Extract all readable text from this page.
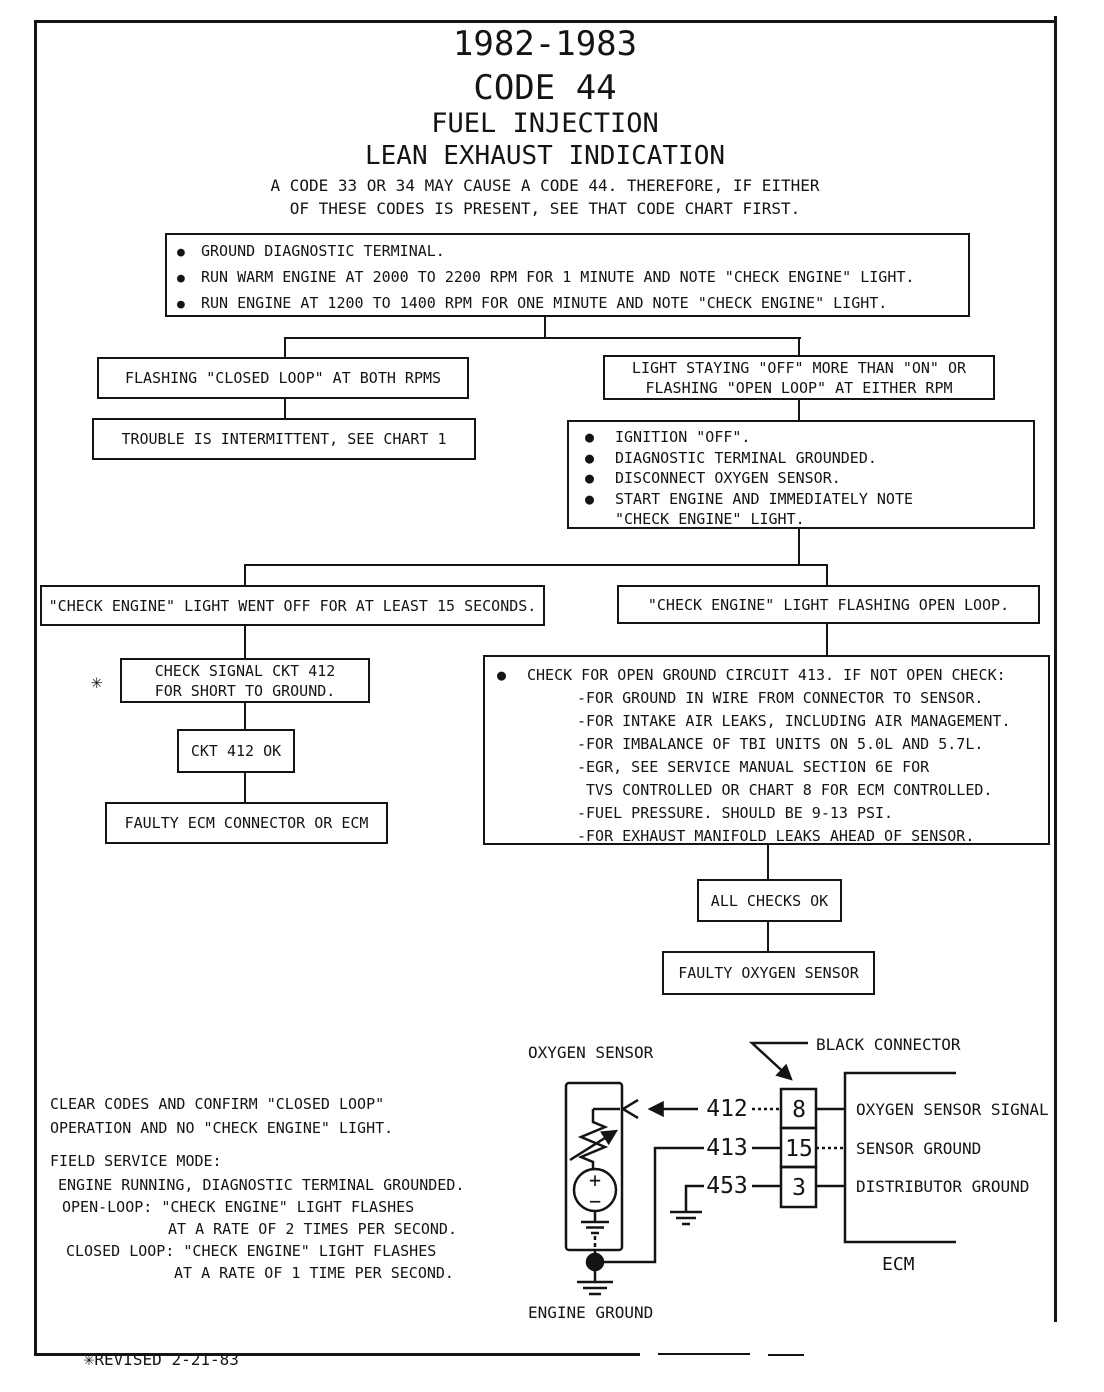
1982-1983
CODE 44
FUEL INJECTION
LEAN EXHAUST INDICATION
A CODE 33 OR 34 MAY CAUSE A CODE 44. THEREFORE, IF EITHER
OF THESE CODES IS PRESENT, SEE THAT CODE CHART FIRST.
●	GROUND DIAGNOSTIC TERMINAL.
●	RUN WARM ENGINE AT 2000 TO 2200 RPM FOR 1 MINUTE AND NOTE "CHECK ENGINE" LIGHT.
●	RUN ENGINE AT 1200 TO 1400 RPM FOR ONE MINUTE AND NOTE "CHECK ENGINE" LIGHT.
FLASHING "CLOSED LOOP" AT BOTH RPMS
TROUBLE IS INTERMITTENT, SEE CHART 1
LIGHT STAYING "OFF" MORE THAN "ON" OR
FLASHING "OPEN LOOP" AT EITHER RPM
●	IGNITION "OFF".
●	DIAGNOSTIC TERMINAL GROUNDED.
●	DISCONNECT OXYGEN SENSOR.
●	START ENGINE AND IMMEDIATELY NOTE
"CHECK ENGINE" LIGHT.
"CHECK ENGINE" LIGHT WENT OFF FOR AT LEAST 15 SECONDS.	"CHECK ENGINE" LIGHT FLASHING OPEN LOOP.
✳
CHECK SIGNAL CKT 412
FOR SHORT TO GROUND.
CKT 412 OK
FAULTY ECM CONNECTOR OR ECM
●	CHECK FOR OPEN GROUND CIRCUIT 413. IF NOT OPEN CHECK:
-FOR GROUND IN WIRE FROM CONNECTOR TO SENSOR.
-FOR INTAKE AIR LEAKS, INCLUDING AIR MANAGEMENT.
-FOR IMBALANCE OF TBI UNITS ON 5.0L AND 5.7L.
-EGR, SEE SERVICE MANUAL SECTION 6E FOR
TVS CONTROLLED OR CHART 8 FOR ECM CONTROLLED.
-FUEL PRESSURE. SHOULD BE 9-13 PSI.
-FOR EXHAUST MANIFOLD LEAKS AHEAD OF SENSOR.
ALL CHECKS OK
FAULTY OXYGEN SENSOR
CLEAR CODES AND CONFIRM "CLOSED LOOP"
OPERATION AND NO "CHECK ENGINE" LIGHT.
FIELD SERVICE MODE:
ENGINE RUNNING, DIAGNOSTIC TERMINAL GROUNDED.
OPEN-LOOP: "CHECK ENGINE" LIGHT FLASHES
AT A RATE OF 2 TIMES PER SECOND.
CLOSED LOOP: "CHECK ENGINE" LIGHT FLASHES
AT A RATE OF 1 TIME PER SECOND.

✳REVISED 2-21-83

OXYGEN SENSOR	BLACK CONNECTOR
ENGINE GROUND
ECM
+
−
412
413
453
8
15
3
OXYGEN SENSOR SIGNAL
SENSOR GROUND
DISTRIBUTOR GROUND
